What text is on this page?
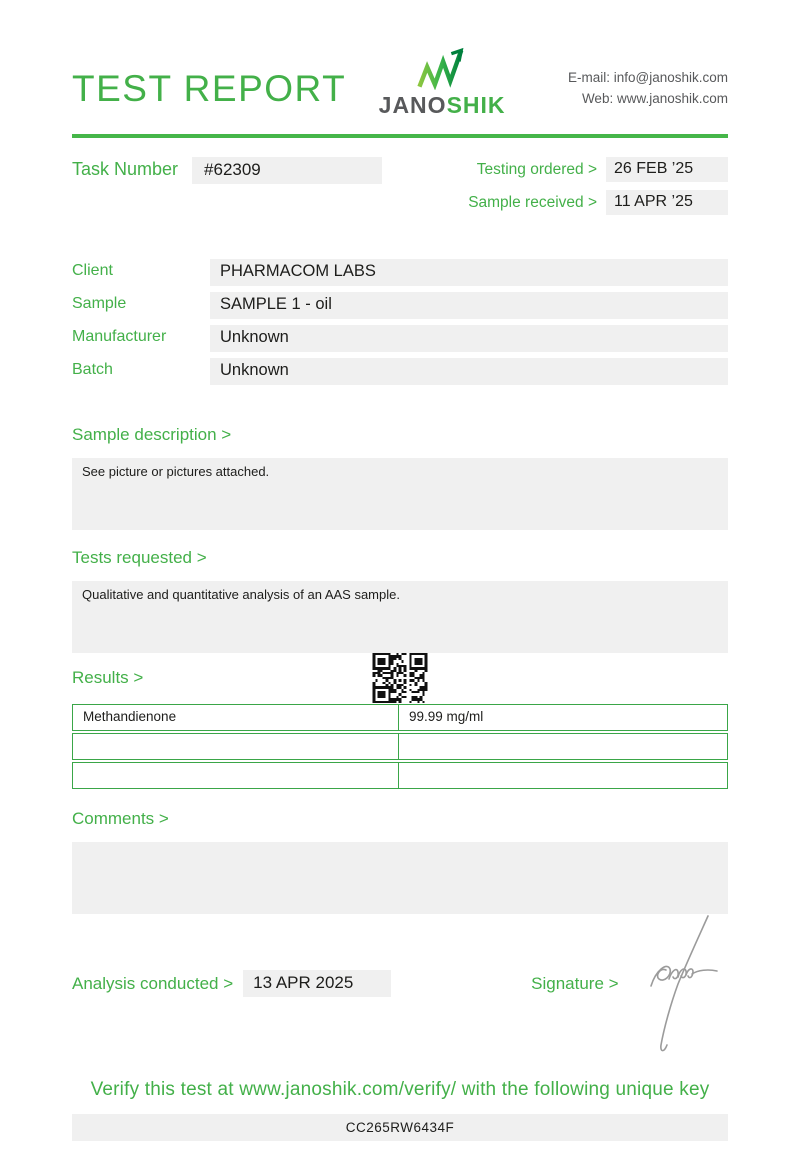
TEST REPORT JANOSHIK
E-mail: info@janoshik.com
Web: www.janoshik.com
Task Number	#62309	Testing ordered >	26 FEB ’25
Sample received >	11 APR ’25
Client	PHARMACOM LABS
Sample	SAMPLE 1 - oil
Manufacturer	Unknown
Batch	Unknown
Sample description >
See picture or pictures attached.
Tests requested >
Qualitative and quantitative analysis of an AAS sample.
Results >
Methandienone	99.99 mg/ml
Comments >
Analysis conducted >	13 APR 2025	Signature >
Verify this test at www.janoshik.com/verify/ with the following unique key
CC265RW6434F
